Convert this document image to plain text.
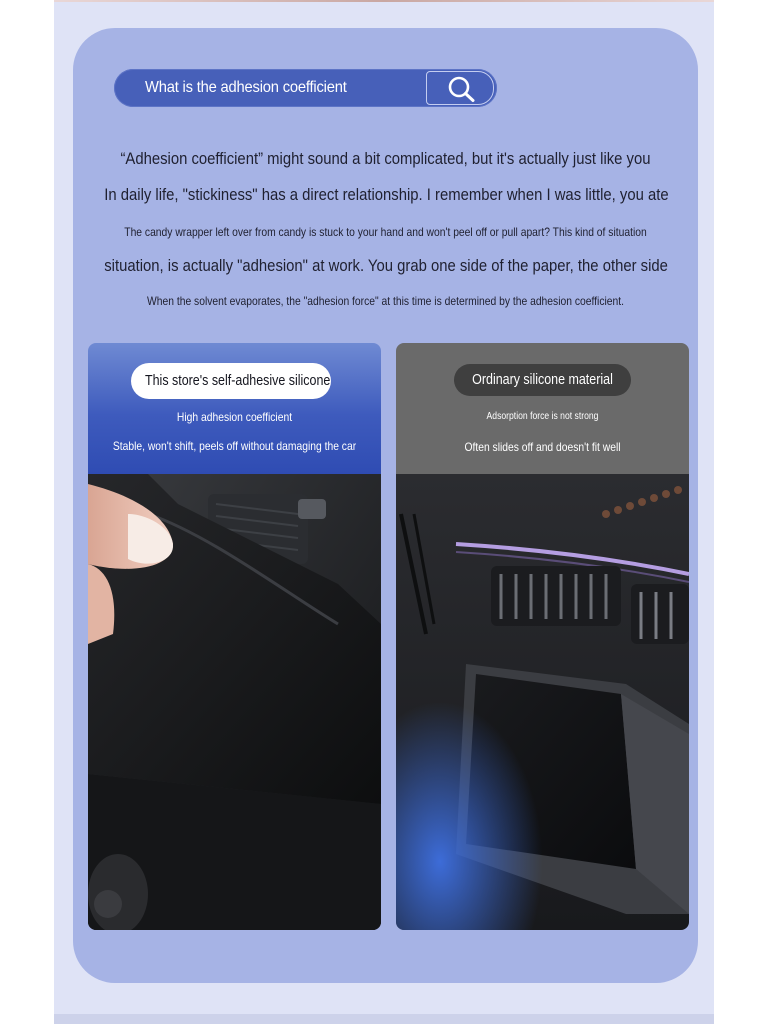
What is the adhesion coefficient
“Adhesion coefficient” might sound a bit complicated, but it's actually just like you
In daily life, "stickiness" has a direct relationship. I remember when I was little, you ate
The candy wrapper left over from candy is stuck to your hand and won't peel off or pull apart? This kind of situation
situation, is actually "adhesion" at work. You grab one side of the paper, the other side
When the solvent evaporates, the "adhesion force" at this time is determined by the adhesion coefficient.
This store's self-adhesive silicone
High adhesion coefficient
Stable, won't shift, peels off without damaging the car
Ordinary silicone material
Adsorption force is not strong
Often slides off and doesn't fit well
